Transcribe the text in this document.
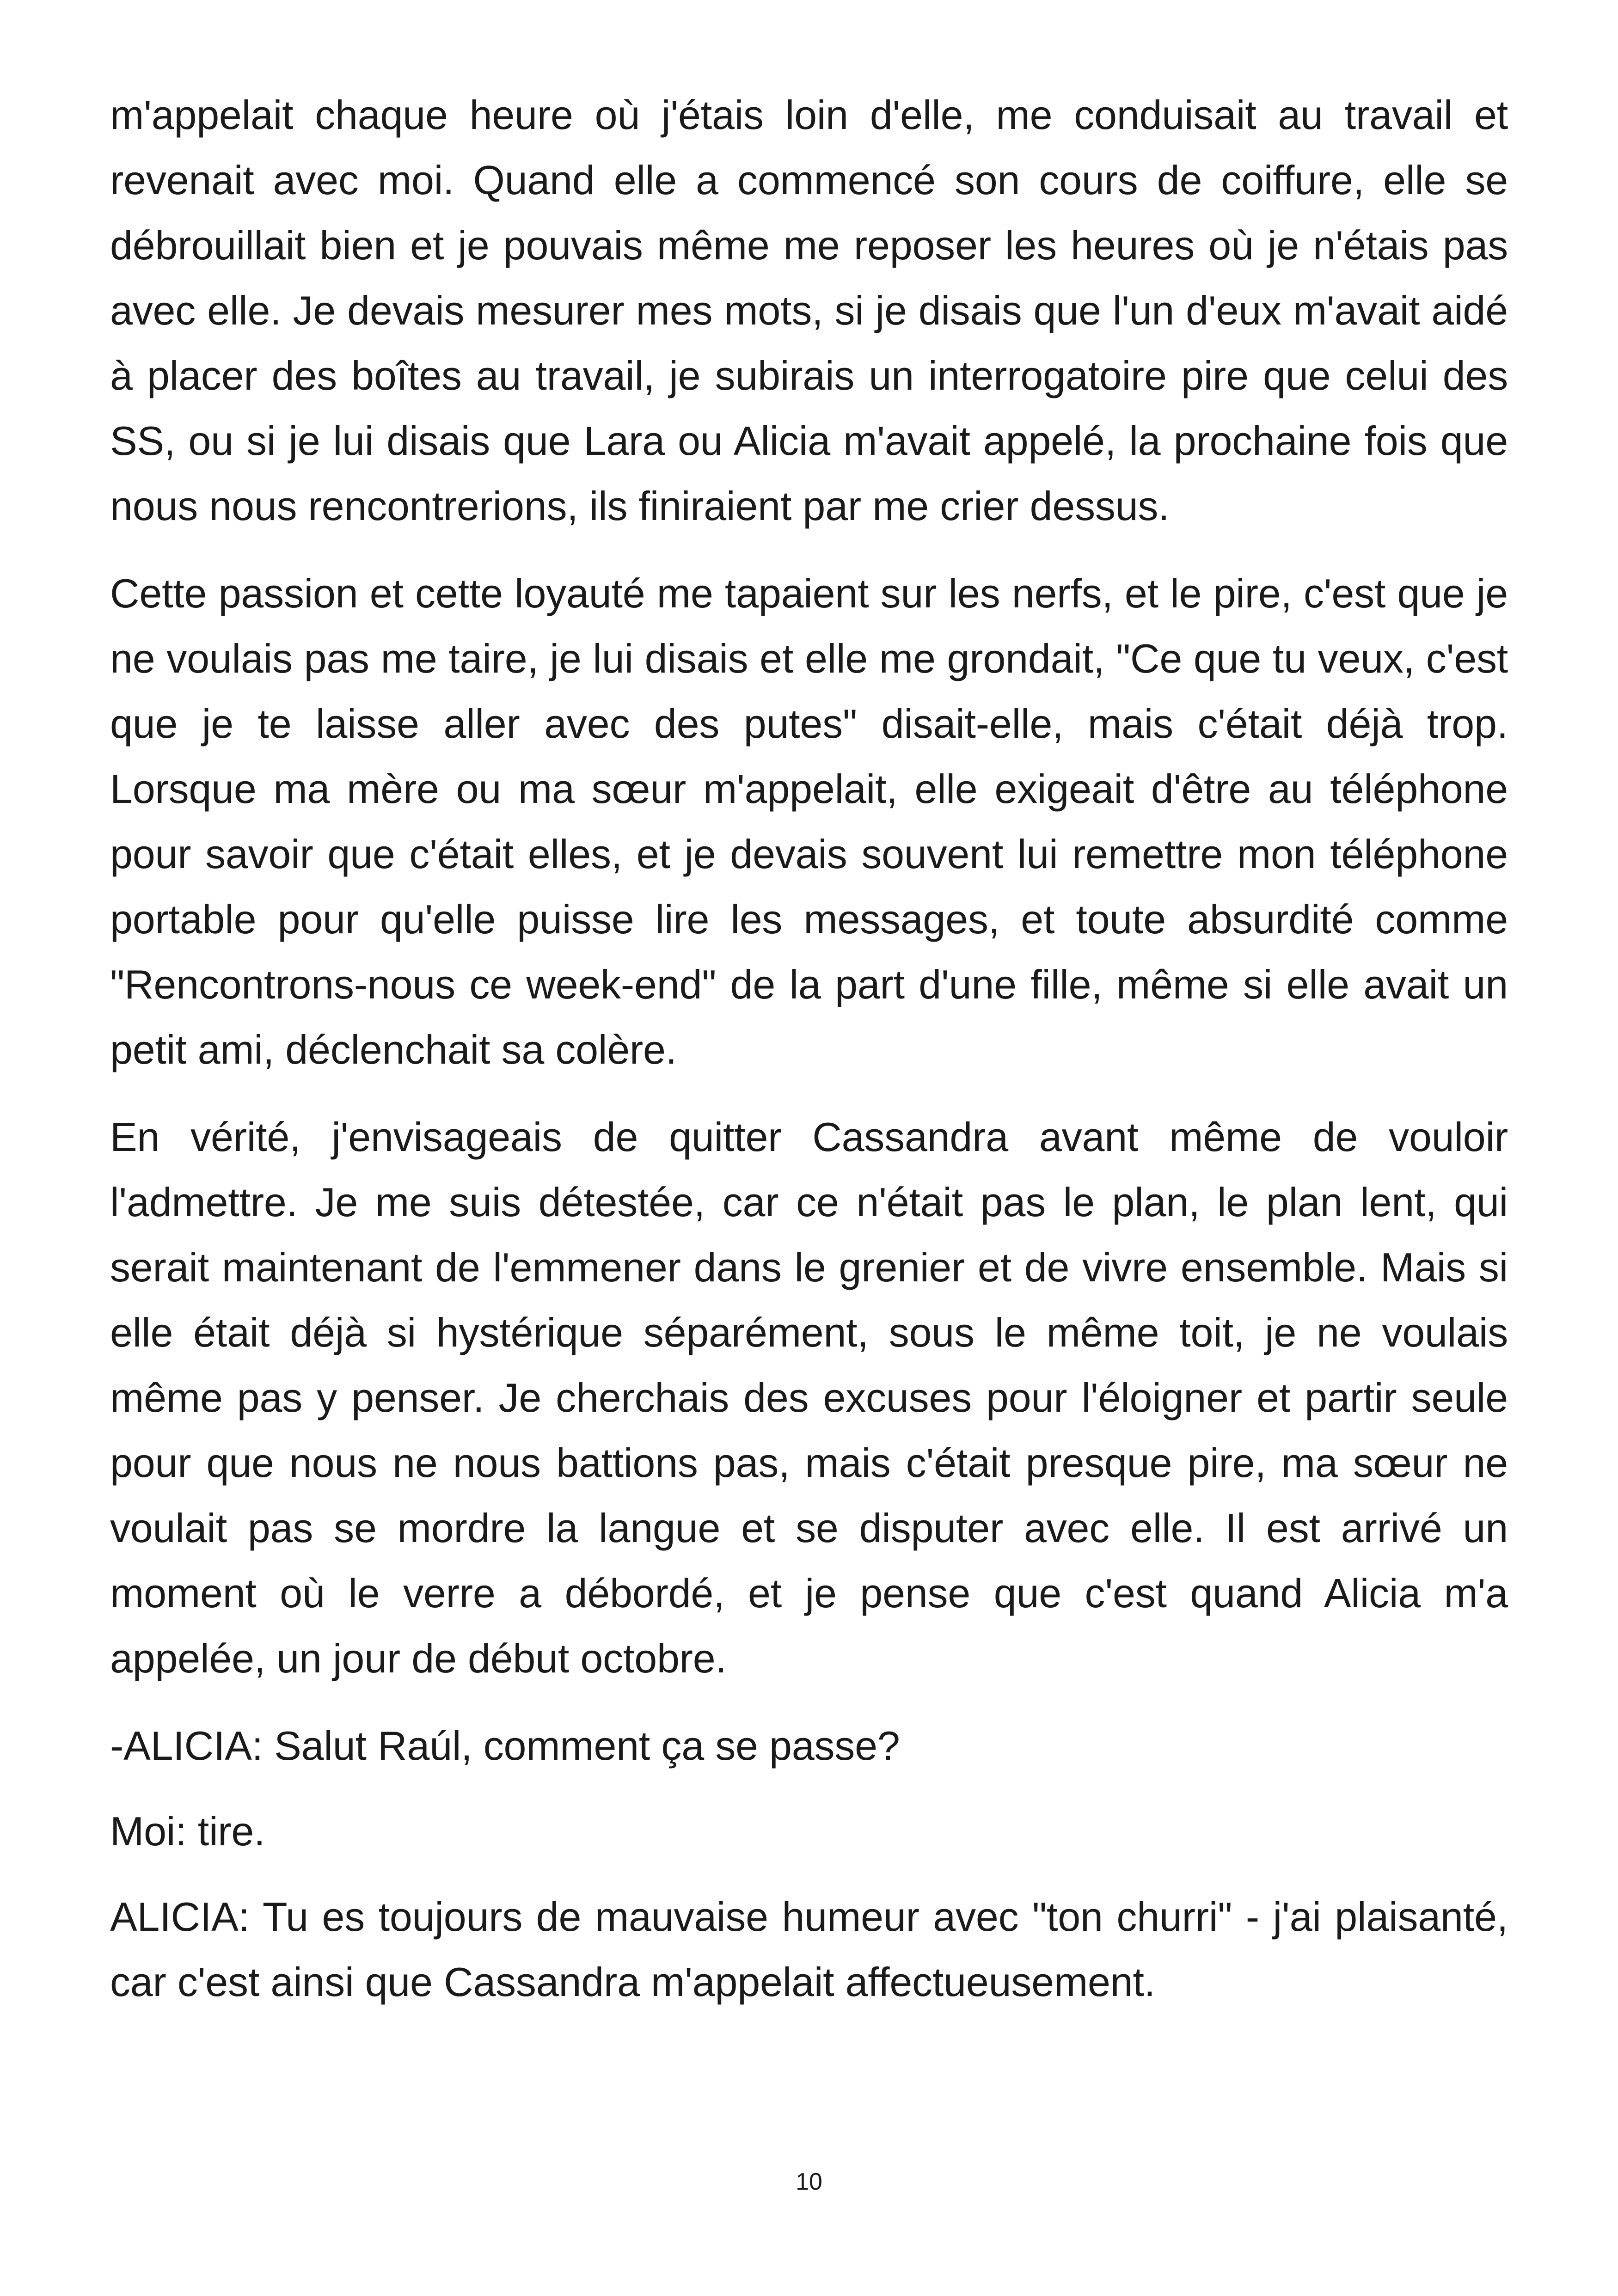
m'appelait chaque heure où j'étais loin d'elle, me conduisait au travail et revenait avec moi. Quand elle a commencé son cours de coiffure, elle se débrouillait bien et je pouvais même me reposer les heures où je n'étais pas avec elle. Je devais mesurer mes mots, si je disais que l'un d'eux m'avait aidé à placer des boîtes au travail, je subirais un interrogatoire pire que celui des SS, ou si je lui disais que Lara ou Alicia m'avait appelé, la prochaine fois que nous nous rencontrerions, ils finiraient par me crier dessus.

Cette passion et cette loyauté me tapaient sur les nerfs, et le pire, c'est que je ne voulais pas me taire, je lui disais et elle me grondait, "Ce que tu veux, c'est que je te laisse aller avec des putes" disait-elle, mais c'était déjà trop. Lorsque ma mère ou ma sœur m'appelait, elle exigeait d'être au téléphone pour savoir que c'était elles, et je devais souvent lui remettre mon téléphone portable pour qu'elle puisse lire les messages, et toute absurdité comme "Rencontrons-nous ce week-end" de la part d'une fille, même si elle avait un petit ami, déclenchait sa colère.

En vérité, j'envisageais de quitter Cassandra avant même de vouloir l'admettre. Je me suis détestée, car ce n'était pas le plan, le plan lent, qui serait maintenant de l'emmener dans le grenier et de vivre ensemble. Mais si elle était déjà si hystérique séparément, sous le même toit, je ne voulais même pas y penser. Je cherchais des excuses pour l'éloigner et partir seule pour que nous ne nous battions pas, mais c'était presque pire, ma sœur ne voulait pas se mordre la langue et se disputer avec elle. Il est arrivé un moment où le verre a débordé, et je pense que c'est quand Alicia m'a appelée, un jour de début octobre.

-ALICIA: Salut Raúl, comment ça se passe?

Moi: tire.

ALICIA: Tu es toujours de mauvaise humeur avec "ton churri" - j'ai plaisanté, car c'est ainsi que Cassandra m'appelait affectueusement.

10
